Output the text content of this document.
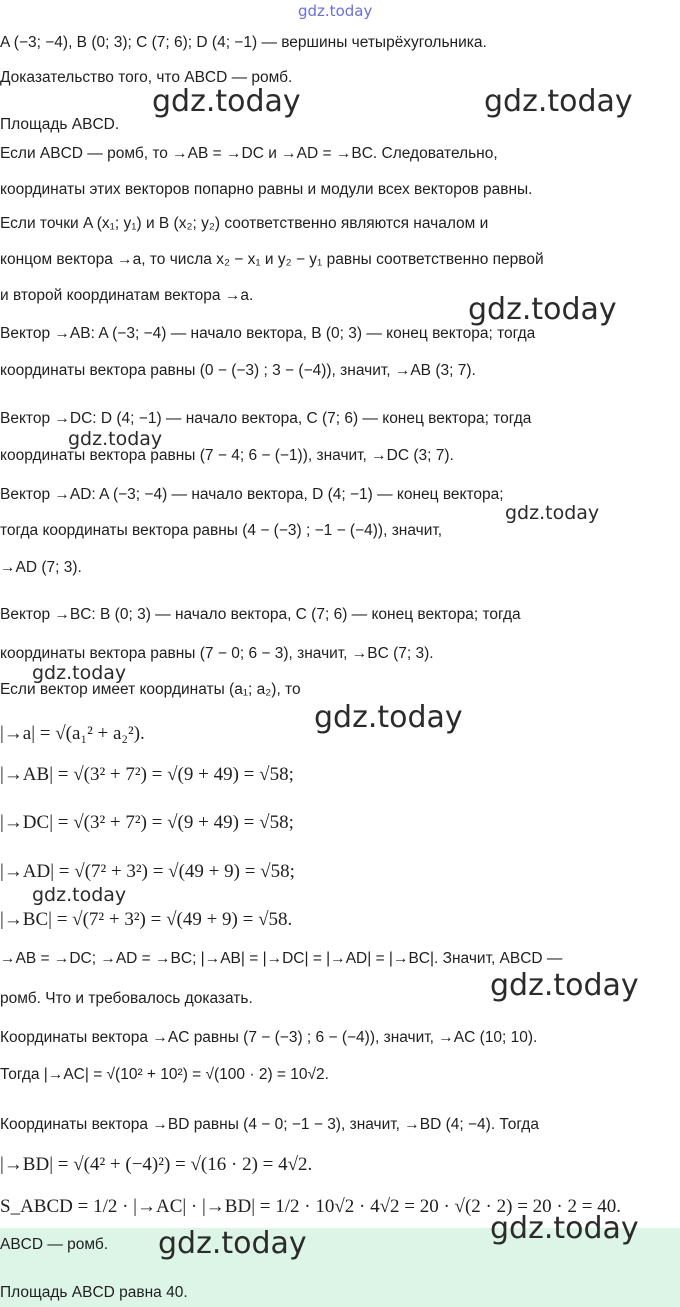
A (−3; −4), B (0; 3); C (7; 6); D (4; −1) — вершины четырёхугольника.
Доказательство того, что ABCD — ромб.
Площадь ABCD.
Если ABCD — ромб, то →AB = →DC и →AD = →BC. Следовательно,
координаты этих векторов попарно равны и модули всех векторов равны.
Если точки A (x₁; y₁) и B (x₂; y₂) соответственно являются началом и
концом вектора →a, то числа x₂ − x₁ и y₂ − y₁ равны соответственно первой
и второй координатам вектора →a.
Вектор →AB: A (−3; −4) — начало вектора, B (0; 3) — конец вектора; тогда
координаты вектора равны (0 − (−3) ; 3 − (−4)), значит, →AB (3; 7).
Вектор →DC: D (4; −1) — начало вектора, C (7; 6) — конец вектора; тогда
координаты вектора равны (7 − 4; 6 − (−1)), значит, →DC (3; 7).
Вектор →AD: A (−3; −4) — начало вектора, D (4; −1) — конец вектора;
тогда координаты вектора равны (4 − (−3) ; −1 − (−4)), значит,
→AD (7; 3).
Вектор →BC: B (0; 3) — начало вектора, C (7; 6) — конец вектора; тогда
координаты вектора равны (7 − 0; 6 − 3), значит, →BC (7; 3).
Если вектор имеет координаты (a₁; a₂), то
|→a| = √(a₁² + a₂²).
|→AB| = √(3² + 7²) = √(9 + 49) = √58;
|→DC| = √(3² + 7²) = √(9 + 49) = √58;
|→AD| = √(7² + 3²) = √(49 + 9) = √58;
|→BC| = √(7² + 3²) = √(49 + 9) = √58.
→AB = →DC; →AD = →BC; |→AB| = |→DC| = |→AD| = |→BC|. Значит, ABCD —
ромб. Что и требовалось доказать.
Координаты вектора →AC равны (7 − (−3) ; 6 − (−4)), значит, →AC (10; 10).
Тогда |→AC| = √(10² + 10²) = √(100 · 2) = 10√2.
Координаты вектора →BD равны (4 − 0; −1 − 3), значит, →BD (4; −4). Тогда
|→BD| = √(4² + (−4)²) = √(16 · 2) = 4√2.
S_ABCD = 1/2 · |→AC| · |→BD| = 1/2 · 10√2 · 4√2 = 20 · √(2 · 2) = 20 · 2 = 40.
ABCD — ромб.
Площадь ABCD равна 40.
gdz.today
gdz.today	gdz.today
gdz.today
gdz.today
gdz.today
gdz.today
gdz.today
gdz.today
gdz.today
gdz.today
gdz.today
